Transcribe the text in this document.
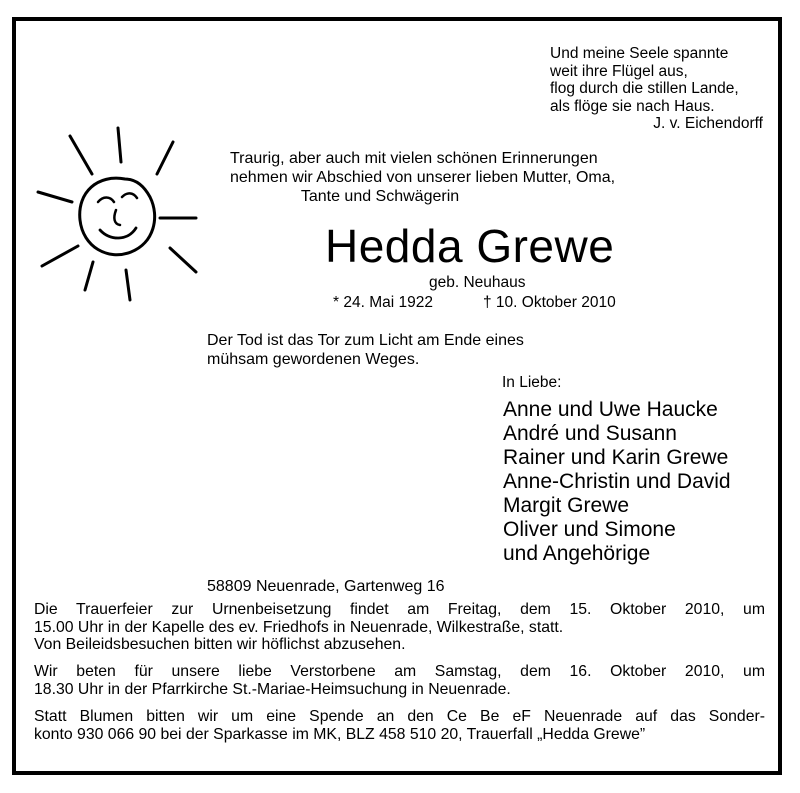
Und meine Seele spannte
weit ihre Flügel aus,
flog durch die stillen Lande,
als flöge sie nach Haus.
J. v. Eichendorff
Traurig, aber auch mit vielen schönen Erinnerungen
nehmen wir Abschied von unserer lieben Mutter, Oma,
Tante und Schwägerin
Hedda Grewe
geb. Neuhaus
* 24. Mai 1922	† 10. Oktober 2010
Der Tod ist das Tor zum Licht am Ende eines
mühsam gewordenen Weges.
In Liebe:
Anne und Uwe Haucke
André und Susann
Rainer und Karin Grewe
Anne-Christin und David
Margit Grewe
Oliver und Simone
und Angehörige
58809 Neuenrade, Gartenweg 16
Die Trauerfeier zur Urnenbeisetzung findet am Freitag, dem 15. Oktober 2010, um
15.00 Uhr in der Kapelle des ev. Friedhofs in Neuenrade, Wilkestraße, statt.
Von Beileidsbesuchen bitten wir höflichst abzusehen.
Wir beten für unsere liebe Verstorbene am Samstag, dem 16. Oktober 2010, um
18.30 Uhr in der Pfarrkirche St.-Mariae-Heimsuchung in Neuenrade.
Statt Blumen bitten wir um eine Spende an den Ce Be eF Neuenrade auf das Sonder-
konto 930 066 90 bei der Sparkasse im MK, BLZ 458 510 20, Trauerfall „Hedda Grewe”
